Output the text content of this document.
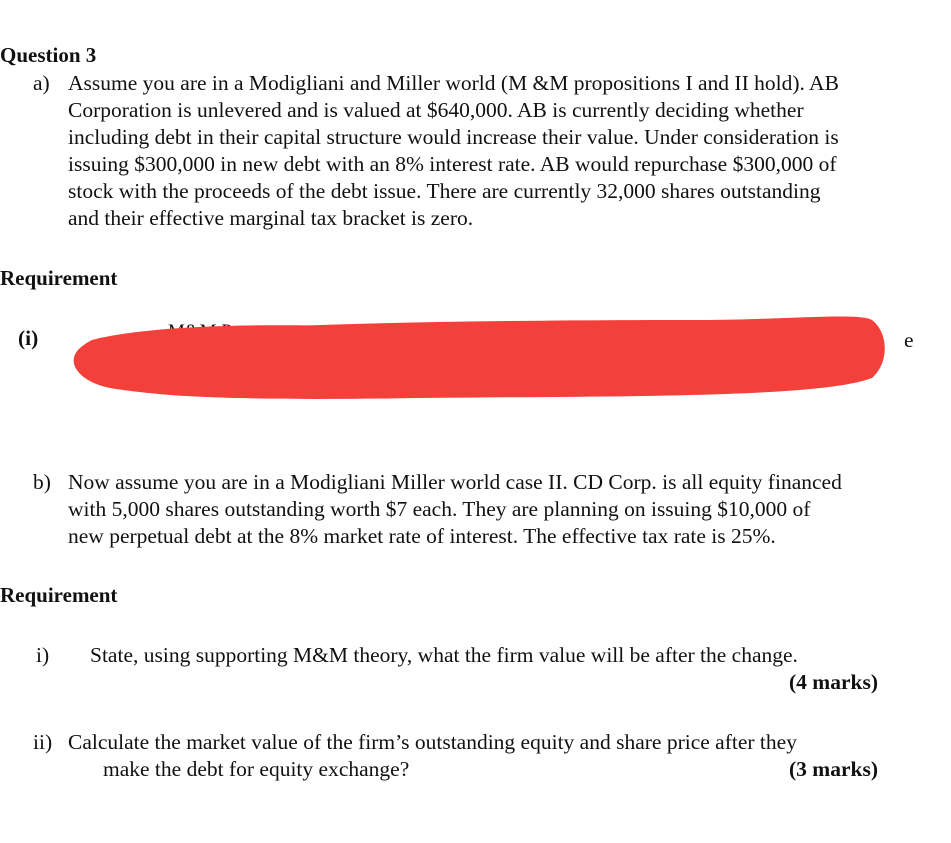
Question 3
a) Assume you are in a Modigliani and Miller world (M &M propositions I and II hold). AB
Corporation is unlevered and is valued at $640,000. AB is currently deciding whether
including debt in their capital structure would increase their value. Under consideration is
issuing $300,000 in new debt with an 8% interest rate. AB would repurchase $300,000 of
stock with the proceeds of the debt issue. There are currently 32,000 shares outstanding
and their effective marginal tax bracket is zero.
Requirement
(i)	e
b) Now assume you are in a Modigliani Miller world case II. CD Corp. is all equity financed
with 5,000 shares outstanding worth $7 each. They are planning on issuing $10,000 of
new perpetual debt at the 8% market rate of interest. The effective tax rate is 25%.
Requirement
i) State, using supporting M&M theory, what the firm value will be after the change.
(4 marks)
ii) Calculate the market value of the firm’s outstanding equity and share price after they
make the debt for equity exchange?	(3 marks)
